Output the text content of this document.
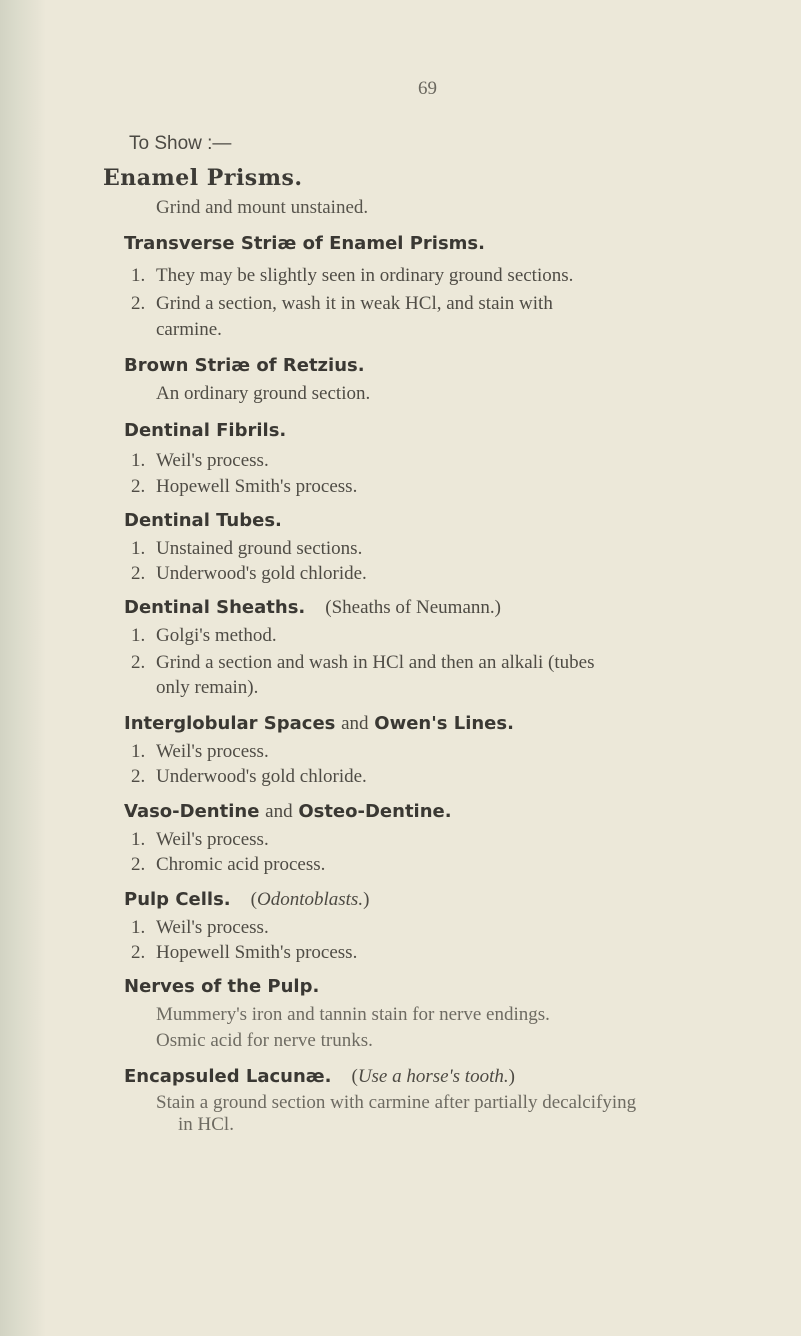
69
To Show :—
Enamel Prisms.
Grind and mount unstained.
Transverse Striæ of Enamel Prisms.
1. They may be slightly seen in ordinary ground sections.
2. Grind a section, wash it in weak HCl, and stain with
carmine.
Brown Striæ of Retzius.
An ordinary ground section.
Dentinal Fibrils.
1. Weil's process.
2. Hopewell Smith's process.
Dentinal Tubes.
1. Unstained ground sections.
2. Underwood's gold chloride.
Dentinal Sheaths. (Sheaths of Neumann.)
1. Golgi's method.
2. Grind a section and wash in HCl and then an alkali (tubes
only remain).
Interglobular Spaces and Owen's Lines.
1. Weil's process.
2. Underwood's gold chloride.
Vaso-Dentine and Osteo-Dentine.
1. Weil's process.
2. Chromic acid process.
Pulp Cells. (Odontoblasts.)
1. Weil's process.
2. Hopewell Smith's process.
Nerves of the Pulp.
Mummery's iron and tannin stain for nerve endings.
Osmic acid for nerve trunks.
Encapsuled Lacunæ. (Use a horse's tooth.)
Stain a ground section with carmine after partially decalcifying
in HCl.
